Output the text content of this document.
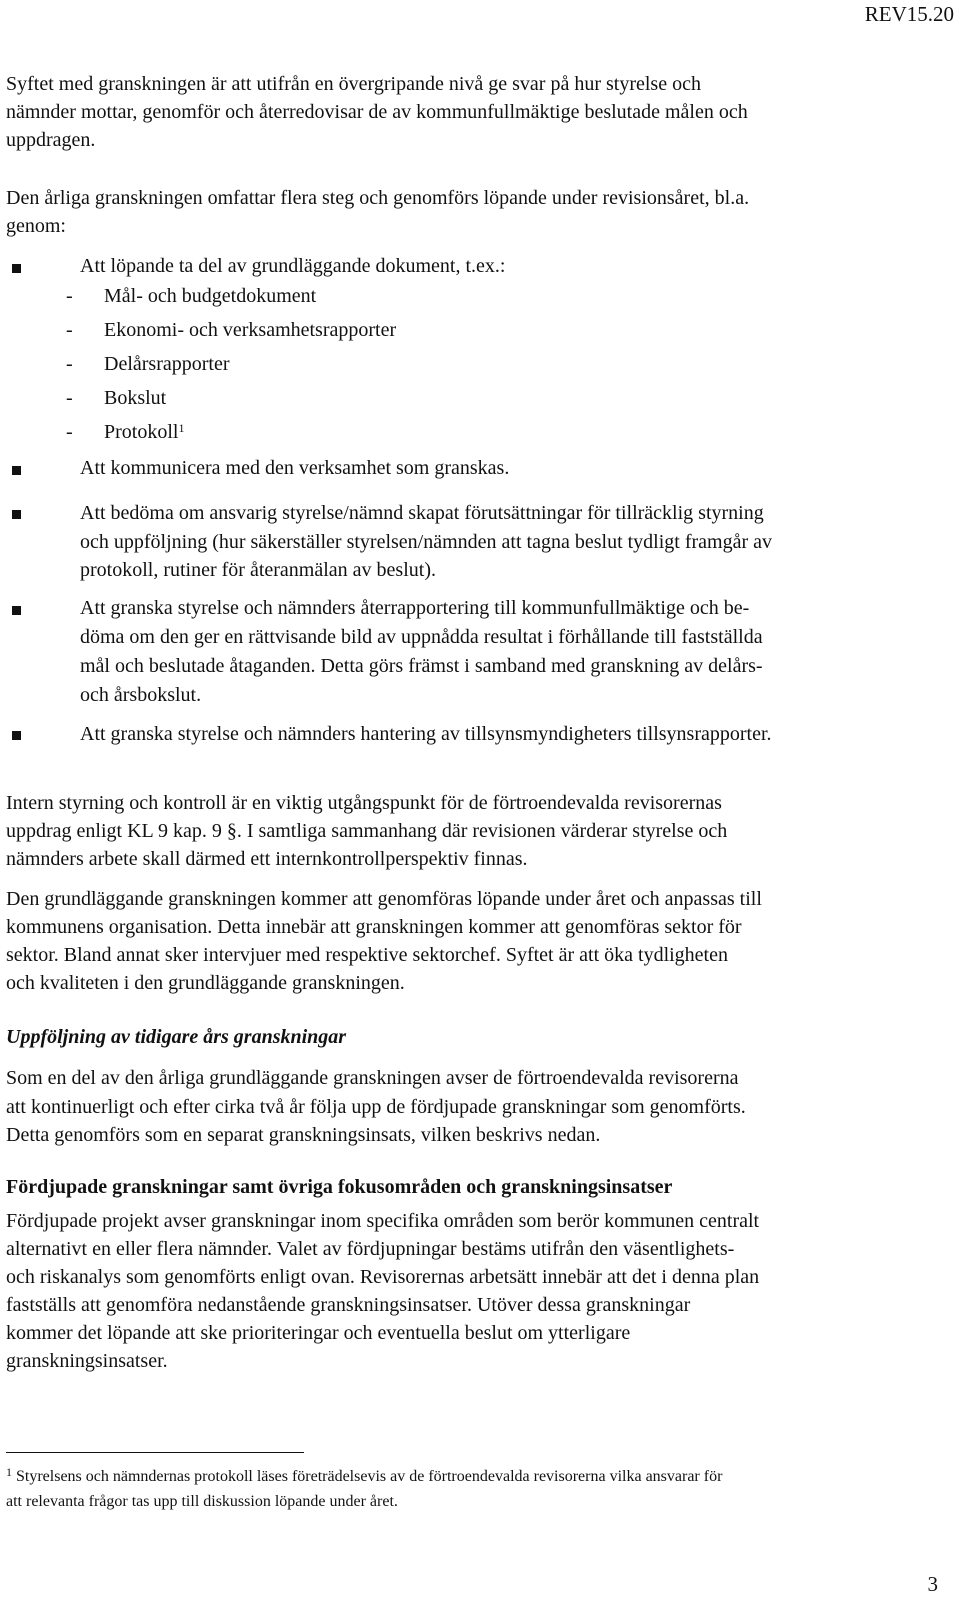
REV15.20
Syftet med granskningen är att utifrån en övergripande nivå ge svar på hur styrelse och
nämnder mottar, genomför och återredovisar de av kommunfullmäktige beslutade målen och
uppdragen.
Den årliga granskningen omfattar flera steg och genomförs löpande under revisionsåret, bl.a.
genom:
Att löpande ta del av grundläggande dokument, t.ex.:
- Mål- och budgetdokument
- Ekonomi- och verksamhetsrapporter
- Delårsrapporter
- Bokslut
- Protokoll$^1$
Att kommunicera med den verksamhet som granskas.
Att bedöma om ansvarig styrelse/nämnd skapat förutsättningar för tillräcklig styrning
och uppföljning (hur säkerställer styrelsen/nämnden att tagna beslut tydligt framgår av
protokoll, rutiner för återanmälan av beslut).
Att granska styrelse och nämnders återrapportering till kommunfullmäktige och be-
döma om den ger en rättvisande bild av uppnådda resultat i förhållande till fastställda
mål och beslutade åtaganden. Detta görs främst i samband med granskning av delårs-
och årsbokslut.
Att granska styrelse och nämnders hantering av tillsynsmyndigheters tillsynsrapporter.
Intern styrning och kontroll är en viktig utgångspunkt för de förtroendevalda revisorernas
uppdrag enligt KL 9 kap. 9 §. I samtliga sammanhang där revisionen värderar styrelse och
nämnders arbete skall därmed ett internkontrollperspektiv finnas.
Den grundläggande granskningen kommer att genomföras löpande under året och anpassas till
kommunens organisation. Detta innebär att granskningen kommer att genomföras sektor för
sektor. Bland annat sker intervjuer med respektive sektorchef. Syftet är att öka tydligheten
och kvaliteten i den grundläggande granskningen.
Uppföljning av tidigare års granskningar
Som en del av den årliga grundläggande granskningen avser de förtroendevalda revisorerna
att kontinuerligt och efter cirka två år följa upp de fördjupade granskningar som genomförts.
Detta genomförs som en separat granskningsinsats, vilken beskrivs nedan.
Fördjupade granskningar samt övriga fokusområden och granskningsinsatser
Fördjupade projekt avser granskningar inom specifika områden som berör kommunen centralt
alternativt en eller flera nämnder. Valet av fördjupningar bestäms utifrån den väsentlighets-
och riskanalys som genomförts enligt ovan. Revisorernas arbetsätt innebär att det i denna plan
fastställs att genomföra nedanstående granskningsinsatser. Utöver dessa granskningar
kommer det löpande att ske prioriteringar och eventuella beslut om ytterligare
granskningsinsatser.
$^1$ Styrelsens och nämndernas protokoll läses företrädelsevis av de förtroendevalda revisorerna vilka ansvarar för
att relevanta frågor tas upp till diskussion löpande under året.
3
